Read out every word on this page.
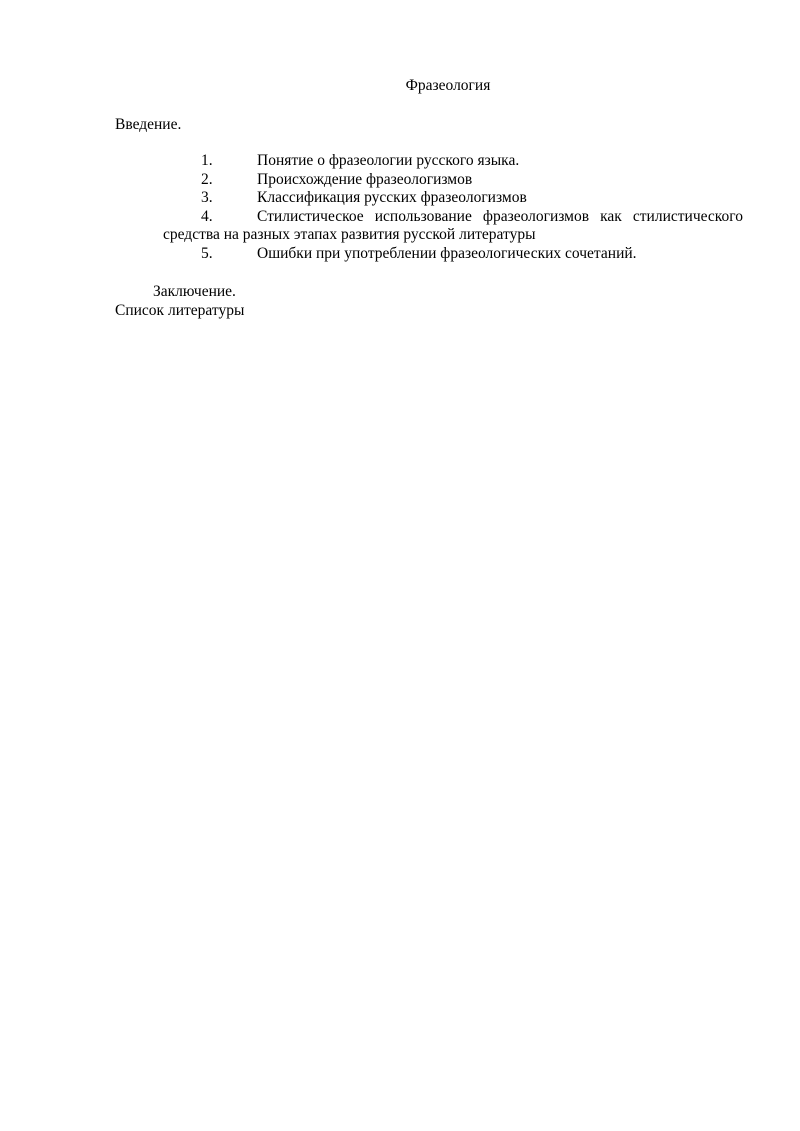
Фразеология
Введение.
1.	Понятие о фразеологии русского языка.
2.	Происхождение фразеологизмов
3.	Классификация русских фразеологизмов
4.	Стилистическое использование фразеологизмов как стилистического средства на разных этапах развития русской литературы
5.	Ошибки при употреблении фразеологических сочетаний.
Заключение.
Список литературы
